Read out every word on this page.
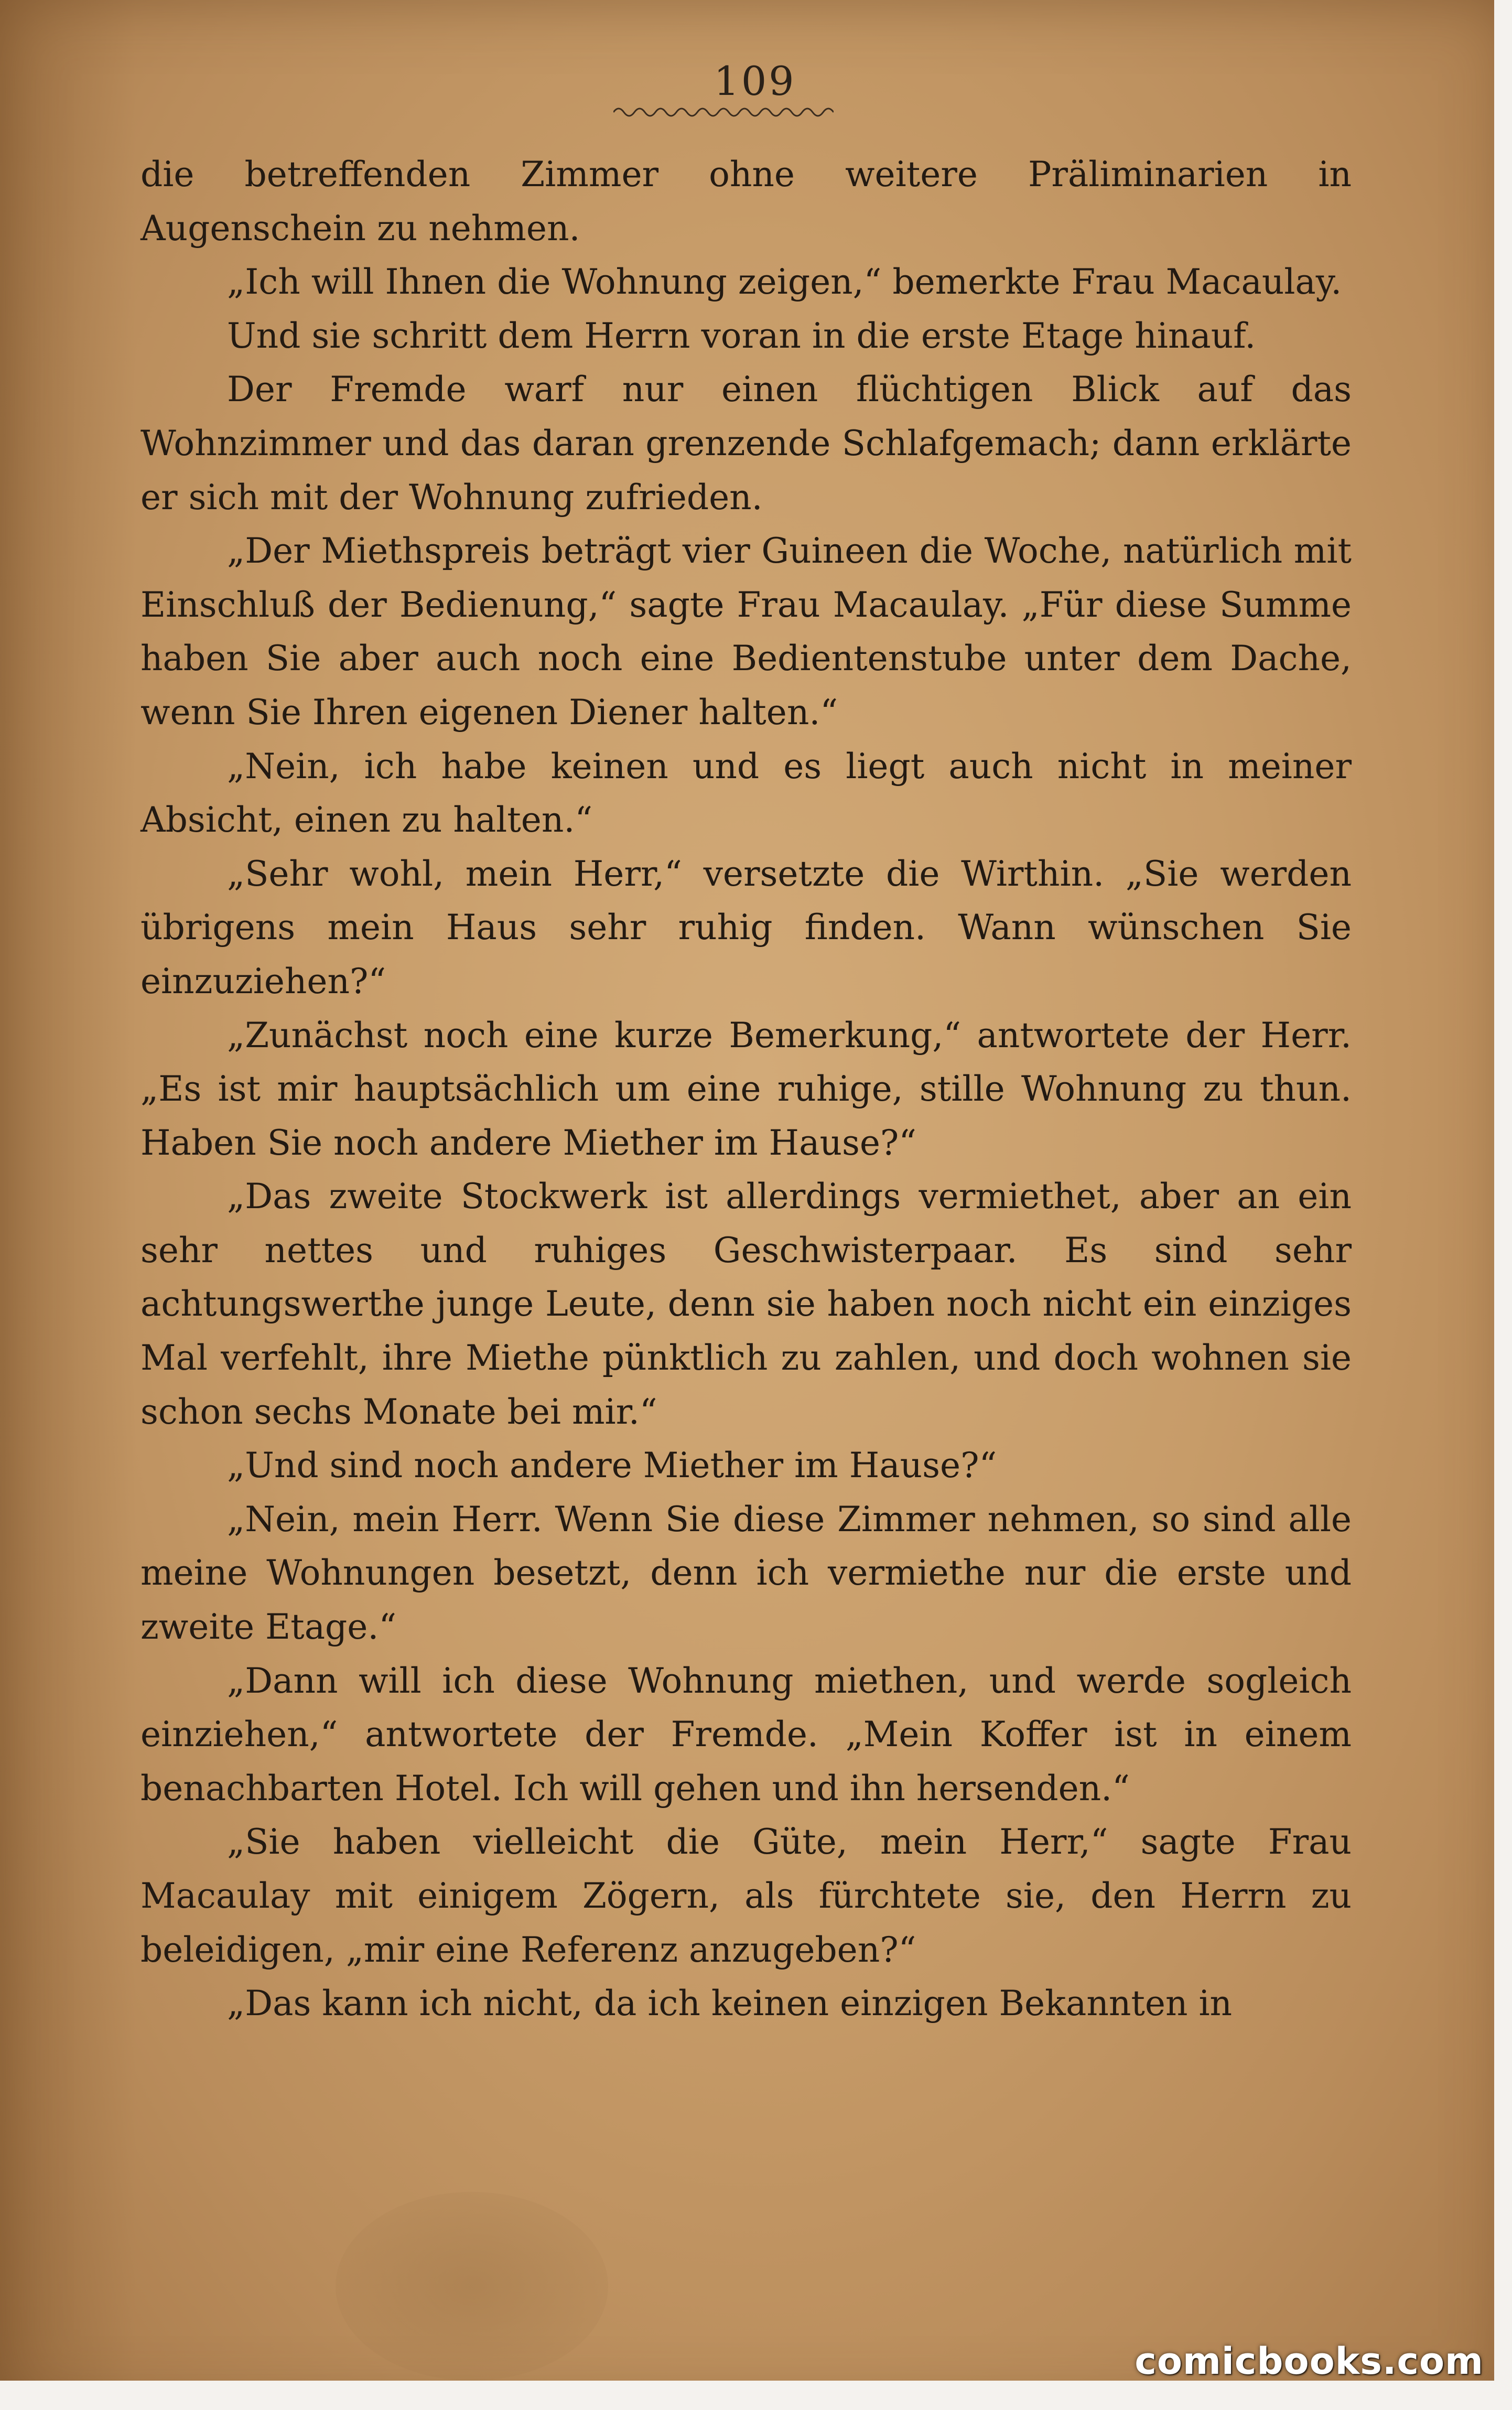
109

die betreffenden Zimmer ohne weitere Präliminarien in Augenschein zu nehmen.

„Ich will Ihnen die Wohnung zeigen,“ bemerkte Frau Macaulay.

Und sie schritt dem Herrn voran in die erste Etage hinauf.

Der Fremde warf nur einen flüchtigen Blick auf das Wohnzimmer und das daran grenzende Schlafgemach; dann erklärte er sich mit der Wohnung zufrieden.

„Der Miethspreis beträgt vier Guineen die Woche, natürlich mit Einschluß der Bedienung,“ sagte Frau Macaulay. „Für diese Summe haben Sie aber auch noch eine Bedientenstube unter dem Dache, wenn Sie Ihren eigenen Diener halten.“

„Nein, ich habe keinen und es liegt auch nicht in meiner Absicht, einen zu halten.“

„Sehr wohl, mein Herr,“ versetzte die Wirthin. „Sie werden übrigens mein Haus sehr ruhig finden. Wann wünschen Sie einzuziehen?“

„Zunächst noch eine kurze Bemerkung,“ antwortete der Herr. „Es ist mir hauptsächlich um eine ruhige, stille Wohnung zu thun. Haben Sie noch andere Miether im Hause?“

„Das zweite Stockwerk ist allerdings vermiethet, aber an ein sehr nettes und ruhiges Geschwisterpaar. Es sind sehr achtungswerthe junge Leute, denn sie haben noch nicht ein einziges Mal verfehlt, ihre Miethe pünktlich zu zahlen, und doch wohnen sie schon sechs Monate bei mir.“

„Und sind noch andere Miether im Hause?“

„Nein, mein Herr. Wenn Sie diese Zimmer nehmen, so sind alle meine Wohnungen besetzt, denn ich vermiethe nur die erste und zweite Etage.“

„Dann will ich diese Wohnung miethen, und werde sogleich einziehen,“ antwortete der Fremde. „Mein Koffer ist in einem benachbarten Hotel. Ich will gehen und ihn hersenden.“

„Sie haben vielleicht die Güte, mein Herr,“ sagte Frau Macaulay mit einigem Zögern, als fürchtete sie, den Herrn zu beleidigen, „mir eine Referenz anzugeben?“

„Das kann ich nicht, da ich keinen einzigen Bekannten in

comicbooks.com
